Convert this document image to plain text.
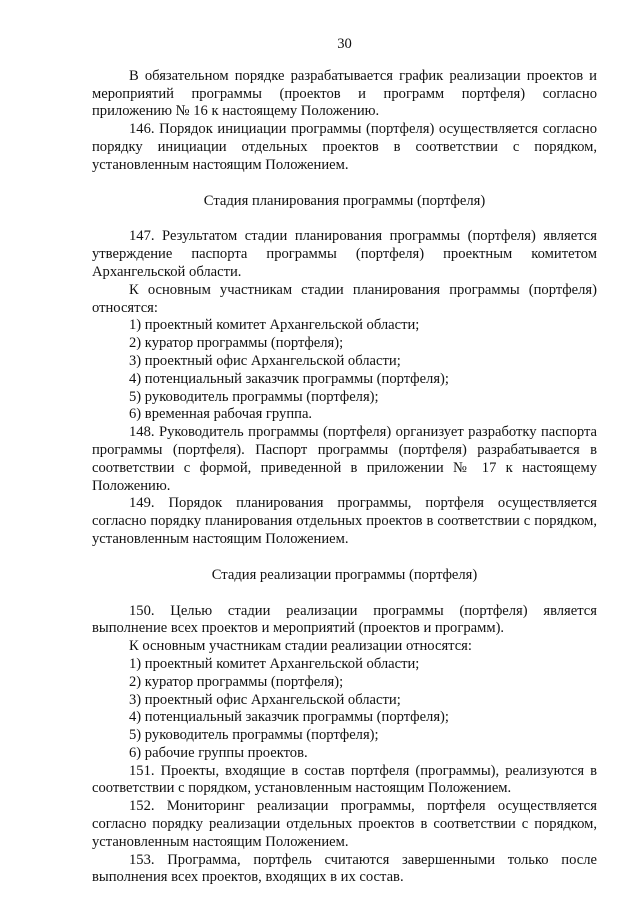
30

В обязательном порядке разрабатывается график реализации проектов и мероприятий программы (проектов и программ портфеля) согласно приложению № 16 к настоящему Положению.

146. Порядок инициации программы (портфеля) осуществляется согласно порядку инициации отдельных проектов в соответствии с порядком, установленным настоящим Положением.

Стадия планирования программы (портфеля)

147. Результатом стадии планирования программы (портфеля) является утверждение паспорта программы (портфеля) проектным комитетом Архангельской области.

К основным участникам стадии планирования программы (портфеля) относятся:

1) проектный комитет Архангельской области;

2) куратор программы (портфеля);

3) проектный офис Архангельской области;

4) потенциальный заказчик программы (портфеля);

5) руководитель программы (портфеля);

6) временная рабочая группа.

148. Руководитель программы (портфеля) организует разработку паспорта программы (портфеля). Паспорт программы (портфеля) разрабатывается в соответствии с формой, приведенной в приложении № 17 к настоящему Положению.

149. Порядок планирования программы, портфеля осуществляется согласно порядку планирования отдельных проектов в соответствии с порядком, установленным настоящим Положением.

Стадия реализации программы (портфеля)

150. Целью стадии реализации программы (портфеля) является выполнение всех проектов и мероприятий (проектов и программ).

К основным участникам стадии реализации относятся:

1) проектный комитет Архангельской области;

2) куратор программы (портфеля);

3) проектный офис Архангельской области;

4) потенциальный заказчик программы (портфеля);

5) руководитель программы (портфеля);

6) рабочие группы проектов.

151. Проекты, входящие в состав портфеля (программы), реализуются в соответствии с порядком, установленным настоящим Положением.

152. Мониторинг реализации программы, портфеля осуществляется согласно порядку реализации отдельных проектов в соответствии с порядком, установленным настоящим Положением.

153. Программа, портфель считаются завершенными только после выполнения всех проектов, входящих в их состав.
